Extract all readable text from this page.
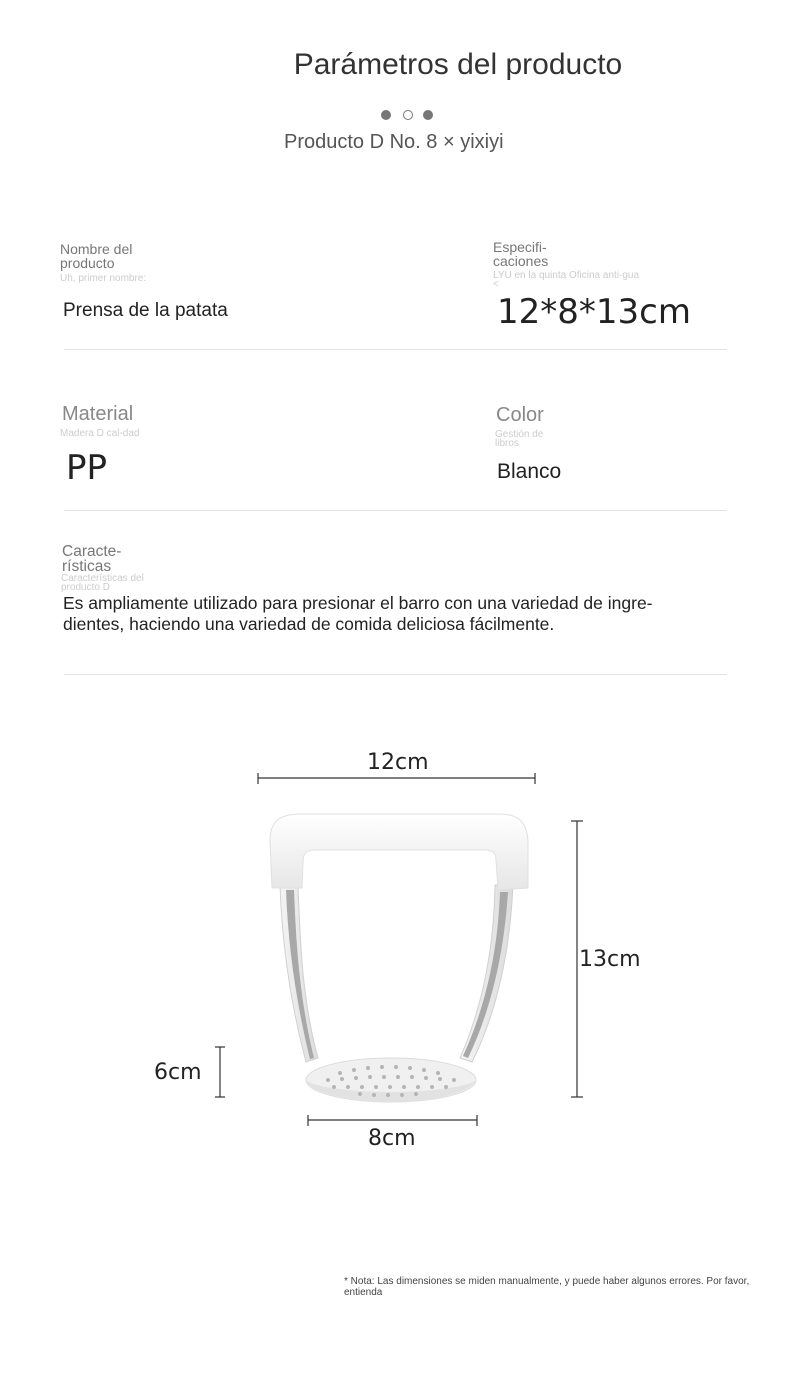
Parámetros del producto
Producto D No. 8 × yixiyi
Nombre del producto
Uh, primer nombre:
Prensa de la patata
Especifi-caciones
LYU en la quinta Oficina anti-gua <
12*8*13cm
Material
Madera D cal-dad
PP
Color
Gestión de libros
Blanco
Caracte-rísticas
Características del producto D
Es ampliamente utilizado para presionar el barro con una variedad de ingre-dientes, haciendo una variedad de comida deliciosa fácilmente.
12cm
13cm
6cm
8cm
* Nota: Las dimensiones se miden manualmente, y puede haber algunos errores. Por favor, entienda
